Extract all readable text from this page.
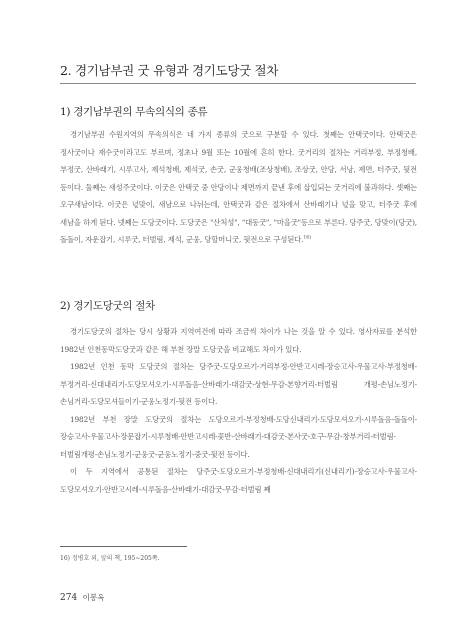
2. 경기남부권 굿 유형과 경기도당굿 절차
1) 경기남부권의 무속의식의 종류

경기남부권 수원지역의 무속의식은 네 가지 종류의 굿으로 구분할 수 있다. 첫째는 안택굿이다. 안택굿은 정사굿이나 재수굿이라고도 부르며, 정초나 9월 또는 10월에 흔히 한다. 굿거리의 절차는 거리부정, 부정청배, 부정굿, 산바래기, 시루고사, 제석청배, 제석굿, 손굿, 군웅청배(조상청배), 조상굿, 안당, 서낭, 제면, 터주굿, 뒷전 등이다. 둘째는 새성주굿이다. 이굿은 안택굿 중 안당이나 제면까지 끝낸 후에 삽입되는 굿거리에 불과하다. 셋째는 오구새남이다. 이굿은 넋맞이, 새남으로 나뉘는데, 안택굿과 같은 절차에서 산바래기나 넋을 맞고, 터주굿 후에 새남을 하게 된다. 넷째는 도당굿이다. 도당굿은 "산처성", "대동굿", "마을굿"등으로 부른다. 당주굿, 당맞이(당굿), 돌돌이, 자운잡기, 시루굿, 터벌림, 제석, 군웅, 당할머니굿, 뒷전으로 구성된다.$^{16)}$

2) 경기도당굿의 절차

경기도당굿의 절차는 당시 상황과 지역여건에 따라 조금씩 차이가 나는 것을 알 수 있다. 영사자료를 분석한 1982년 인천동막도당굿과 같은 해 부천 장말 도당굿을 비교해도 차이가 있다.

1982년 인천 동막 도당굿의 절차는 당주굿-도당오르기-거리부정-안반고시레-장승고사-우물고사-부정청배-부정거리-신대내리기-도당모셔오기-시루돌음-산바래기-대감굿-상현-무감-본향거리-터벌림 개평-손님노정기-손님거리-도당모셔들이기-군웅노정기-뒷전 등이다.

1982년 부천 장말 도당굿의 절차는 도당오르기-부정청배-도당신내리기-도당모셔오기-시루돌음-돌돌이-장승고사-우물고사-장문잡기-시루청배-안반고시레-꽃반-산바래기-대감굿-본사굿-호구-무감-창부거리-터벌림-터벌림개평-손님노정기-군웅굿-군웅노정기-중굿-뒷전 등이다.

이 두 지역에서 공통된 절차는 당주굿-도당오르기-부정청배-신대내리기(신내리기)-장승고사-우물고사-도당모셔오기-안반고시레-시루돌음-산바래기-대감굿-무감-터벌림 째

16) 정병호 외, 앞의 책, 195~205쪽.
274 이봉옥
